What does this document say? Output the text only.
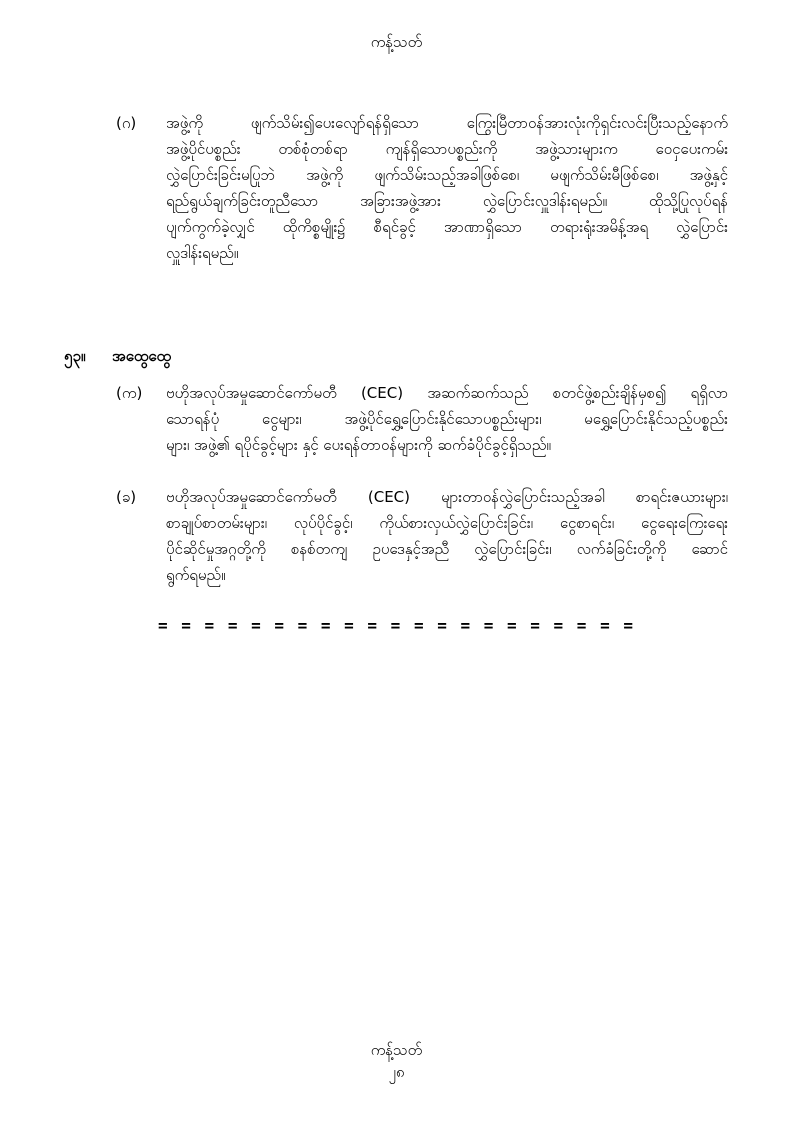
ကန့်သတ်
(ဂ) အဖွဲ့ကို ဖျက်သိမ်း၍ပေးလျော်ရန်ရှိသော ကြွေးမြီတာဝန်အားလုံးကိုရှင်းလင်းပြီးသည့်နောက်
အဖွဲ့ပိုင်ပစ္စည်း တစ်စုံတစ်ရာ ကျန်ရှိသောပစ္စည်းကို အဖွဲ့သားများက ဝေငှပေးကမ်း
လွှဲပြောင်းခြင်းမပြုဘဲ အဖွဲ့ကို ဖျက်သိမ်းသည့်အခါဖြစ်စေ၊ မဖျက်သိမ်းမီဖြစ်စေ၊ အဖွဲ့နှင့်
ရည်ရွယ်ချက်ခြင်းတူညီသော အခြားအဖွဲ့အား လွှဲပြောင်းလှူဒါန်းရမည်။ ထိုသို့ပြုလုပ်ရန်
ပျက်ကွက်ခဲ့လျှင် ထိုကိစ္စမျိုး၌ စီရင်ခွင့် အာဏာရှိသော တရားရုံးအမိန့်အရ လွှဲပြောင်း
လှူဒါန်းရမည်။
၅၃။ အထွေထွေ
(က) ဗဟိုအလုပ်အမှုဆောင်ကော်မတီ (CEC) အဆက်ဆက်သည် စတင်ဖွဲ့စည်းချိန်မှစ၍ ရရှိလာ
သောရန်ပုံ ငွေများ၊ အဖွဲ့ပိုင်ရွှေ့ပြောင်းနိုင်သောပစ္စည်းများ၊ မရွှေ့ပြောင်းနိုင်သည့်ပစ္စည်း
များ၊ အဖွဲ့၏ ရပိုင်ခွင့်များ နှင့် ပေးရန်တာဝန်များကို ဆက်ခံပိုင်ခွင့်ရှိသည်။
(ခ) ဗဟိုအလုပ်အမှုဆောင်ကော်မတီ (CEC) များတာဝန်လွှဲပြောင်းသည့်အခါ စာရင်းဇယားများ၊
စာချုပ်စာတမ်းများ၊ လုပ်ပိုင်ခွင့်၊ ကိုယ်စားလှယ်လွှဲပြောင်းခြင်း၊ ငွေစာရင်း၊ ငွေရေးကြေးရေး
ပိုင်ဆိုင်မှုအဂ္ဂတို့ကို စနစ်တကျ ဥပဒေနှင့်အညီ လွှဲပြောင်းခြင်း၊ လက်ခံခြင်းတို့ကို ဆောင်
ရွက်ရမည်။
= = = = = = = = = = = = = = = = = = = = =
ကန့်သတ်
၂၈
